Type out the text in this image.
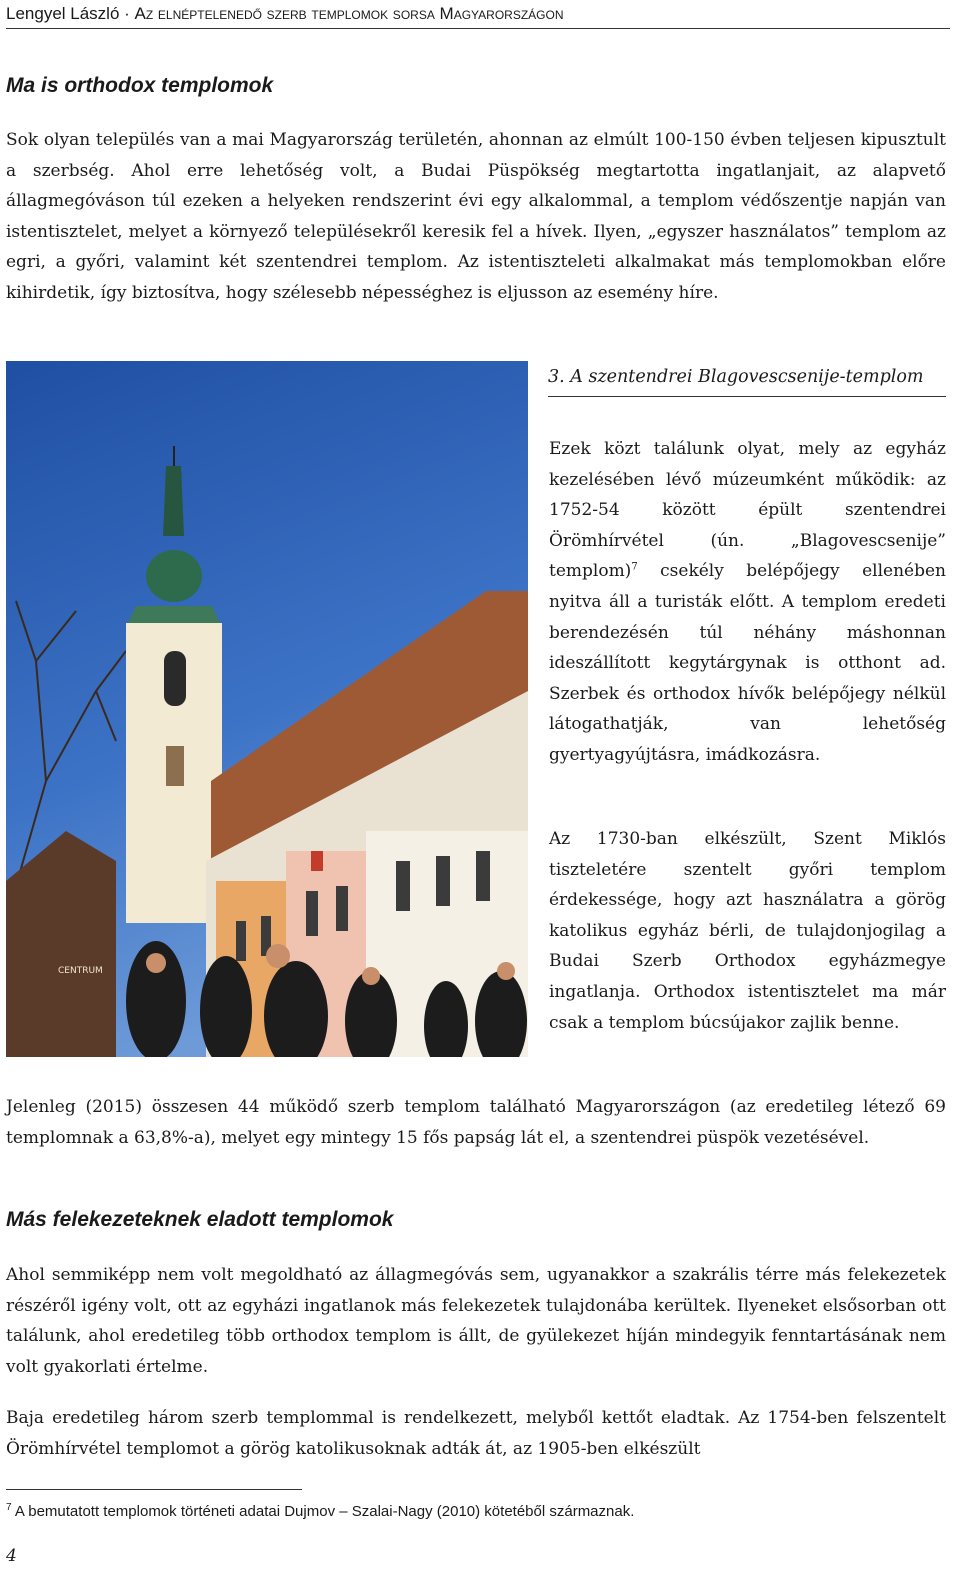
Lengyel László · Az elnéptelenedő szerb templomok sorsa Magyarországon
Ma is orthodox templomok

Sok olyan település van a mai Magyarország területén, ahonnan az elmúlt 100-150 évben teljesen kipusztult a szerbség. Ahol erre lehetőség volt, a Budai Püspökség megtartotta ingatlanjait, az alapvető állagmegóváson túl ezeken a helyeken rendszerint évi egy alkalommal, a templom védőszentje napján van istentisztelet, melyet a környező településekről keresik fel a hívek. Ilyen, „egyszer használatos” templom az egri, a győri, valamint két szentendrei templom. Az istentiszteleti alkalmakat más templomokban előre kihirdetik, így biztosítva, hogy szélesebb népességhez is eljusson az esemény híre.

CENTRUM
3. A szentendrei Blagovescsenije-templom

Ezek közt találunk olyat, mely az egyház kezelésében lévő múzeumként működik: az 1752-54 között épült szentendrei Örömhírvétel (ún. „Blagovescsenije” templom)$^7$ csekély belépőjegy ellenében nyitva áll a turisták előtt. A templom eredeti berendezésén túl néhány máshonnan ideszállított kegytárgynak is otthont ad. Szerbek és orthodox hívők belépőjegy nélkül látogathatják, van lehetőség gyertyagyújtásra, imádkozásra.

Az 1730-ban elkészült, Szent Miklós tiszteletére szentelt győri templom érdekessége, hogy azt használatra a görög katolikus egyház bérli, de tulajdonjogilag a Budai Szerb Orthodox egyházmegye ingatlanja. Orthodox istentisztelet ma már csak a templom búcsújakor zajlik benne.

Jelenleg (2015) összesen 44 működő szerb templom található Magyarországon (az eredetileg létező 69 templomnak a 63,8%-a), melyet egy mintegy 15 fős papság lát el, a szentendrei püspök vezetésével.

Más felekezeteknek eladott templomok

Ahol semmiképp nem volt megoldható az állagmegóvás sem, ugyanakkor a szakrális térre más felekezetek részéről igény volt, ott az egyházi ingatlanok más felekezetek tulajdonába kerültek. Ilyeneket elsősorban ott találunk, ahol eredetileg több orthodox templom is állt, de gyülekezet híján mindegyik fenntartásának nem volt gyakorlati értelme.

Baja eredetileg három szerb templommal is rendelkezett, melyből kettőt eladtak. Az 1754-ben felszentelt Örömhírvétel templomot a görög katolikusoknak adták át, az 1905-ben elkészült

$^7$ A bemutatott templomok történeti adatai Dujmov – Szalai-Nagy (2010) kötetéből származnak.

4
